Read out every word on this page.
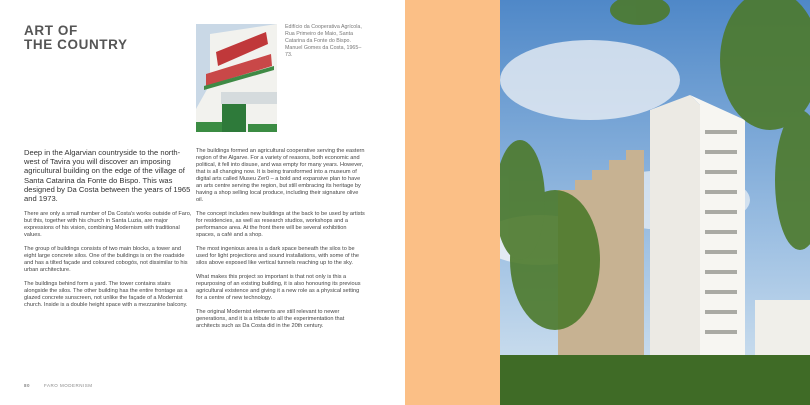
ART OF
THE COUNTRY
Edifício da Cooperativa Agrícola, Rua Primeiro de Maio, Santa Catarina da Fonte do Bispo. Manuel Gomes da Costa, 1965–73.
Deep in the Algarvian countryside to the north-west of Tavira you will discover an imposing agricultural building on the edge of the village of Santa Catarina da Fonte do Bispo. This was designed by Da Costa between the years of 1965 and 1973.

There are only a small number of Da Costa's works outside of Faro, but this, together with his church in Santa Luzia, are major expressions of his vision, combining Modernism with traditional values.

The group of buildings consists of two main blocks, a tower and eight large concrete silos. One of the buildings is on the roadside and has a tilted façade and coloured cobogós, not dissimilar to his urban architecture.

The buildings behind form a yard. The tower contains stairs alongside the silos. The other building has the entire frontage as a glazed concrete sunscreen, not unlike the façade of a Modernist church. Inside is a double height space with a mezzanine balcony.

The buildings formed an agricultural cooperative serving the eastern region of the Algarve. For a variety of reasons, both economic and political, it fell into disuse, and was empty for many years. However, that is all changing now. It is being transformed into a museum of digital arts called Museu Zer0 – a bold and expansive plan to have an arts centre serving the region, but still embracing its heritage by having a shop selling local produce, including their signature olive oil.

The concept includes new buildings at the back to be used by artists for residencies, as well as research studios, workshops and a performance area. At the front there will be several exhibition spaces, a café and a shop.

The most ingenious area is a dark space beneath the silos to be used for light projections and sound installations, with some of the silos above exposed like vertical tunnels reaching up to the sky.

What makes this project so important is that not only is this a repurposing of an existing building, it is also honouring its previous agricultural existence and giving it a new role as a physical setting for a centre of new technology.

The original Modernist elements are still relevant to newer generations, and it is a tribute to all the experimentation that architects such as Da Costa did in the 20th century.

80	FARO MODERNISM
